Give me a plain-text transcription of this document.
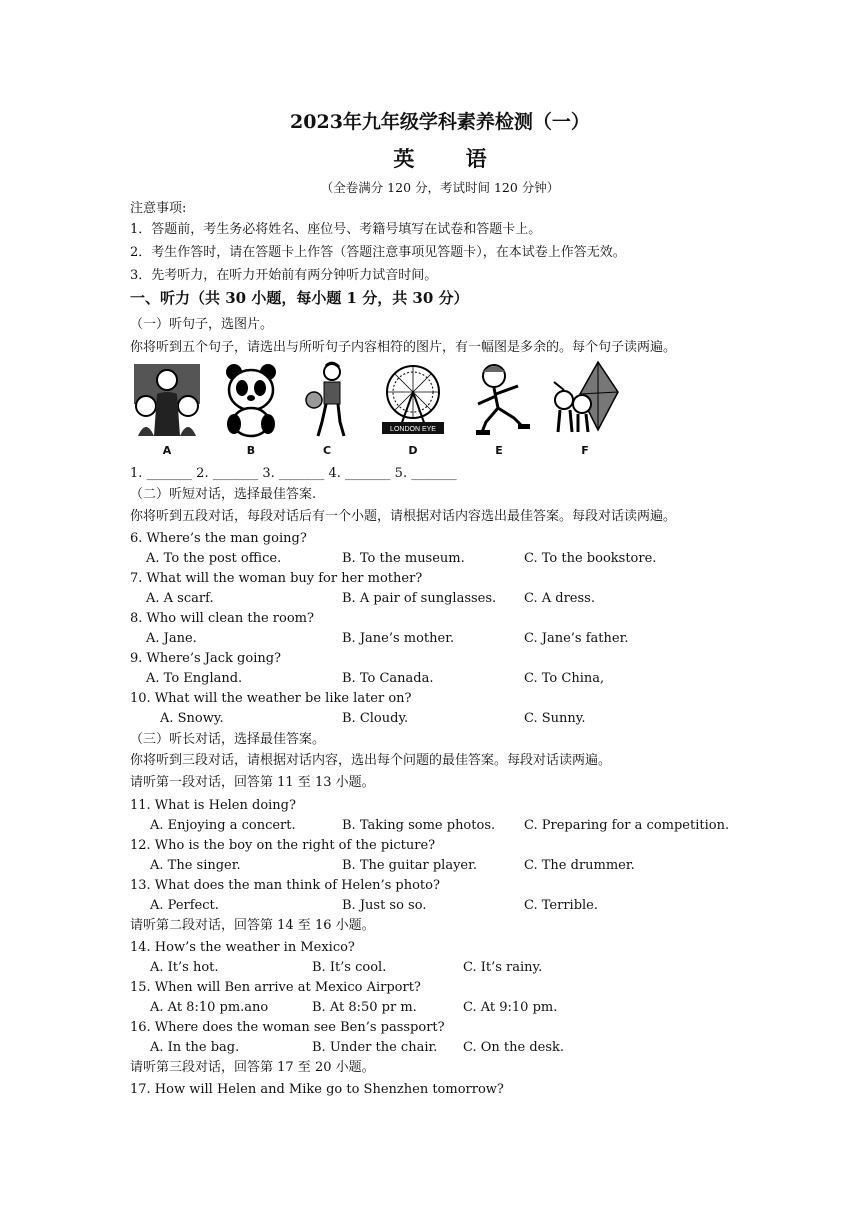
2023年九年级学科素养检测（一）
英 语
（全卷满分 120 分，考试时间 120 分钟）
注意事项:
1．答题前，考生务必将姓名、座位号、考籍号填写在试卷和答题卡上。
2．考生作答时，请在答题卡上作答（答题注意事项见答题卡），在本试卷上作答无效。
3．先考听力，在听力开始前有两分钟听力试音时间。
一、听力（共 30 小题，每小题 1 分，共 30 分）
（一）听句子，选图片。
你将听到五个句子，请选出与所听句子内容相符的图片，有一幅图是多余的。每个句子读两遍。
A	B	C
LONDON EYE
D	E	F
1. _______ 2. _______ 3. _______ 4. _______ 5. _______
（二）听短对话，选择最佳答案.
你将听到五段对话，每段对话后有一个小题，请根据对话内容选出最佳答案。每段对话读两遍。
6. Where’s the man going?
A. To the post office.	B. To the museum.	C. To the bookstore.
7. What will the woman buy for her mother?
A. A scarf.	B. A pair of sunglasses. C. A dress.
8. Who will clean the room?
A. Jane.	B. Jane’s mother.	C. Jane’s father.
9. Where’s Jack going?
A. To England.	B. To Canada.	C. To China,
10. What will the weather be like later on?
A. Snowy.	B. Cloudy.	C. Sunny.
（三）听长对话，选择最佳答案。
你将听到三段对话，请根据对话内容，选出每个问题的最佳答案。每段对话读两遍。
请听第一段对话，回答第 11 至 13 小题。
11. What is Helen doing?
A. Enjoying a concert.	B. Taking some photos. C. Preparing for a competition.
12. Who is the boy on the right of the picture?
A. The singer.	B. The guitar player.	C. The drummer.
13. What does the man think of Helen’s photo?
A. Perfect.	B. Just so so.	C. Terrible.
请听第二段对话，回答第 14 至 16 小题。
14. How’s the weather in Mexico?
A. It’s hot.	B. It’s cool.	C. It’s rainy.
15. When will Ben arrive at Mexico Airport?
A. At 8:10 pm.ano	B. At 8:50 pr m.	C. At 9:10 pm.
16. Where does the woman see Ben’s passport?
A. In the bag.	B. Under the chair. C. On the desk.
请听第三段对话，回答第 17 至 20 小题。
17. How will Helen and Mike go to Shenzhen tomorrow?
